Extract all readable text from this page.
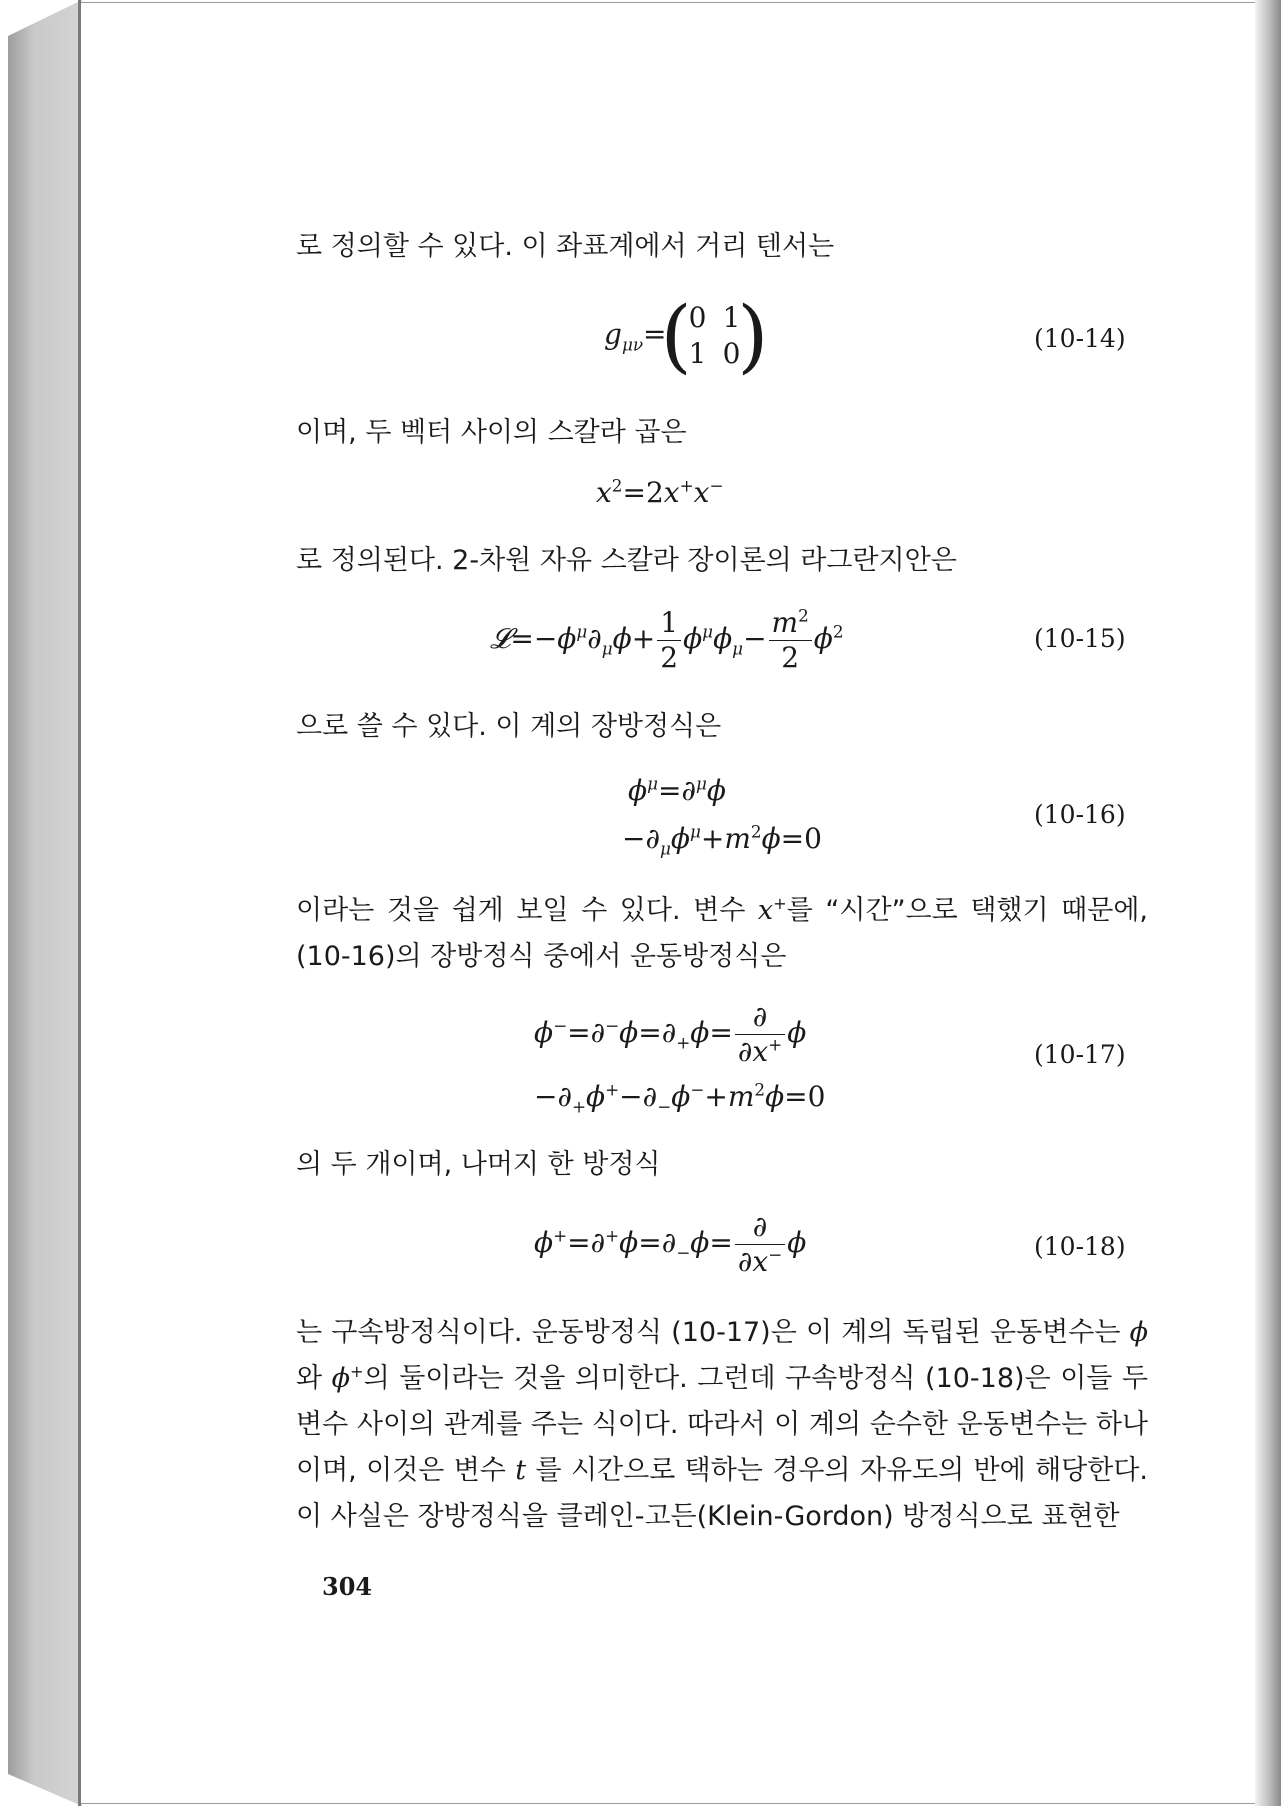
로 정의할 수 있다. 이 좌표계에서 거리 텐서는
$g_{\mu\nu}=$
(
0 1
1 0
)	(10-14)
이며, 두 벡터 사이의 스칼라 곱은
$x^2=2x^+x^-$
로 정의된다. 2-차원 자유 스칼라 장이론의 라그란지안은
$𝓛=-\phi^\mu\partial_\mu\phi+ \frac{1}{2} \phi^\mu\phi_\mu- \frac{m^2}{2} \phi^2$	(10-15)
으로 쓸 수 있다. 이 계의 장방정식은
$\phi^\mu=\partial^\mu\phi$
$-\partial_\mu\phi^\mu+m^2\phi=0$
(10-16)
이라는 것을 쉽게 보일 수 있다. 변수 x+를 “시간”으로 택했기 때문에,
(10-16)의 장방정식 중에서 운동방정식은
$\phi^-=\partial^-\phi=\partial_+\phi= \frac{\partial}{\partial x^+}$ ϕ
$-\partial_+\phi^+-\partial_-\phi^-+m^2\phi=0$
(10-17)
의 두 개이며, 나머지 한 방정식
$\phi^+=\partial^+\phi=\partial_-\phi= \frac{\partial}{\partial x^-}$ ϕ	(10-18)
는 구속방정식이다. 운동방정식 (10-17)은 이 계의 독립된 운동변수는 ϕ
와 ϕ+의 둘이라는 것을 의미한다. 그런데 구속방정식 (10-18)은 이들 두
변수 사이의 관계를 주는 식이다. 따라서 이 계의 순수한 운동변수는 하나
이며, 이것은 변수 t 를 시간으로 택하는 경우의 자유도의 반에 해당한다.
이 사실은 장방정식을 클레인-고든(Klein-Gordon) 방정식으로 표현한
304
